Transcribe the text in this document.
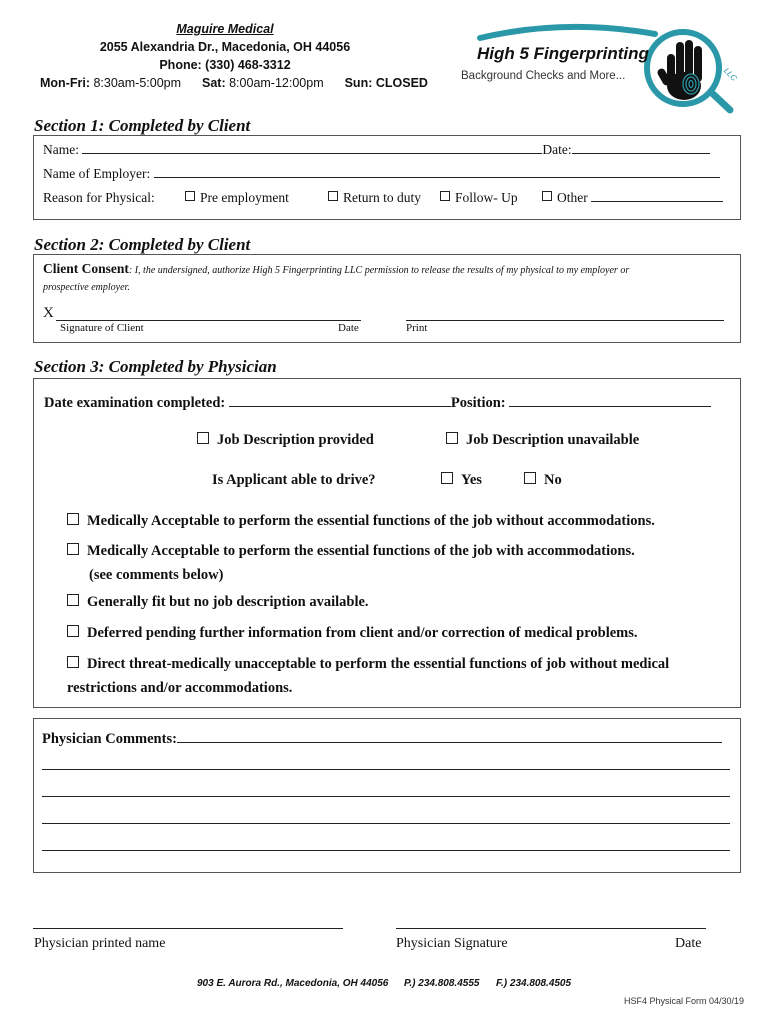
Maguire Medical
2055 Alexandria Dr., Macedonia, OH 44056
Phone: (330) 468-3312
Mon-Fri: 8:30am-5:00pm Sat: 8:00am-12:00pm Sun: CLOSED
High 5 Fingerprinting
Background Checks and More...	LLC
Section 1: Completed by Client
Name:	Date:
Name of Employer:
Reason for Physical:	Pre employment	Return to duty	Follow- Up	Other
Section 2: Completed by Client
Client Consent: I, the undersigned, authorize High 5 Fingerprinting LLC permission to release the results of my physical to my employer or
prospective employer.
X
Signature of Client	Date	Print
Section 3: Completed by Physician
Date examination completed:	Position:
Job Description provided	Job Description unavailable
Is Applicant able to drive?	Yes	No
Medically Acceptable to perform the essential functions of the job without accommodations.
Medically Acceptable to perform the essential functions of the job with accommodations.
(see comments below)
Generally fit but no job description available.
Deferred pending further information from client and/or correction of medical problems.
Direct threat-medically unacceptable to perform the essential functions of job without medical
restrictions and/or accommodations.
Physician Comments:
Physician printed name	Physician Signature	Date
903 E. Aurora Rd., Macedonia, OH 44056 P.) 234.808.4555 F.) 234.808.4505
HSF4 Physical Form 04/30/19
